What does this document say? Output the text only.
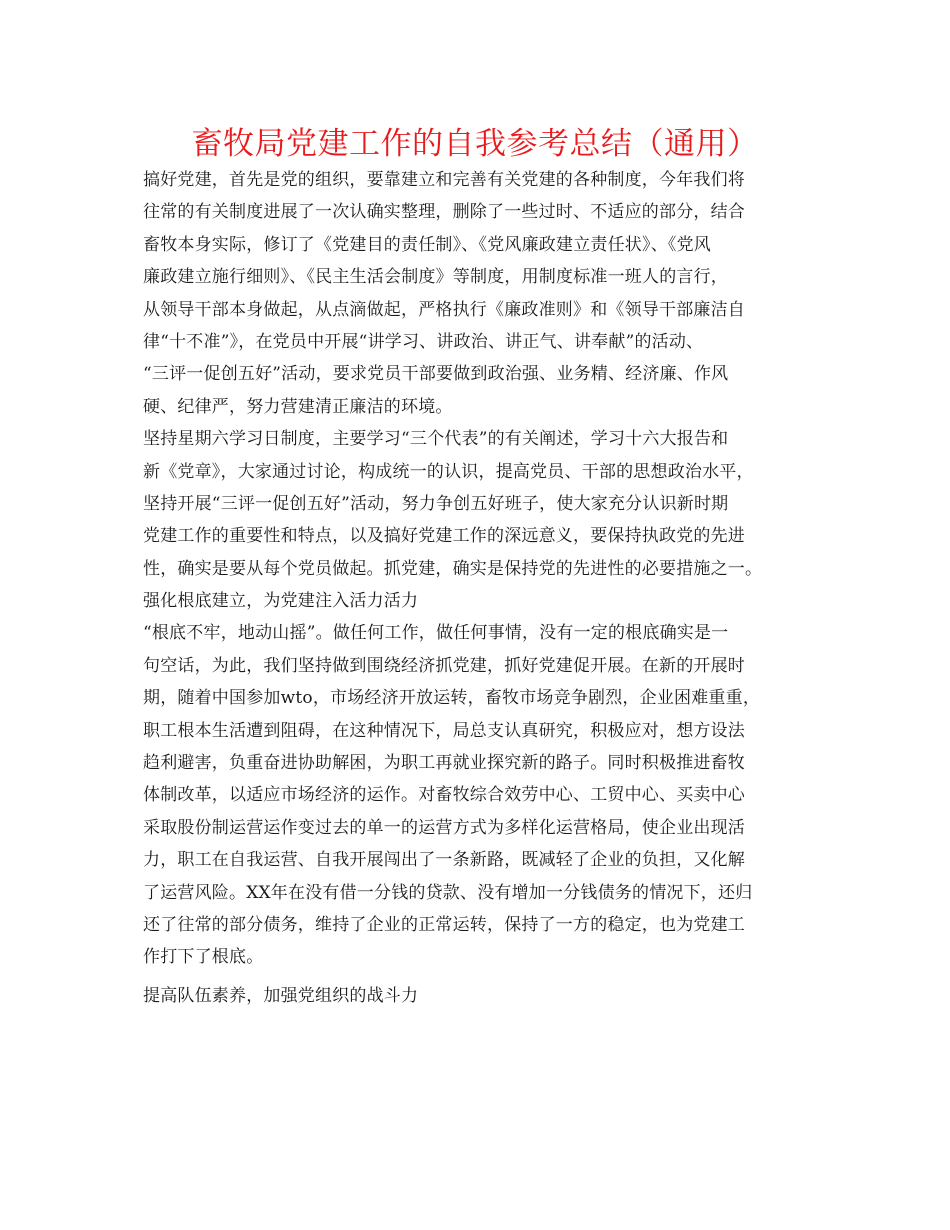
畜牧局党建工作的自我参考总结（通用）

搞好党建，首先是党的组织，要靠建立和完善有关党建的各种制度，今年我们将
往常的有关制度进展了一次认确实整理，删除了一些过时、不适应的部分，结合
畜牧本身实际，修订了《党建目的责任制》、《党风廉政建立责任状》、《党风
廉政建立施行细则》、《民主生活会制度》等制度，用制度标准一班人的言行，
从领导干部本身做起，从点滴做起，严格执行《廉政准则》和《领导干部廉洁自
律“十不准”》，在党员中开展“讲学习、讲政治、讲正气、讲奉献”的活动、
“三评一促创五好”活动，要求党员干部要做到政治强、业务精、经济廉、作风
硬、纪律严，努力营建清正廉洁的环境。

坚持星期六学习日制度，主要学习“三个代表”的有关阐述，学习十六大报告和
新《党章》，大家通过讨论，构成统一的认识，提高党员、干部的思想政治水平，
坚持开展“三评一促创五好”活动，努力争创五好班子，使大家充分认识新时期
党建工作的重要性和特点，以及搞好党建工作的深远意义，要保持执政党的先进
性，确实是要从每个党员做起。抓党建，确实是保持党的先进性的必要措施之一。

强化根底建立，为党建注入活力活力

“根底不牢，地动山摇”。做任何工作，做任何事情，没有一定的根底确实是一
句空话，为此，我们坚持做到围绕经济抓党建，抓好党建促开展。在新的开展时
期，随着中国参加wto，市场经济开放运转，畜牧市场竞争剧烈，企业困难重重，
职工根本生活遭到阻碍，在这种情况下，局总支认真研究，积极应对，想方设法
趋利避害，负重奋进协助解困，为职工再就业探究新的路子。同时积极推进畜牧
体制改革，以适应市场经济的运作。对畜牧综合效劳中心、工贸中心、买卖中心
采取股份制运营运作变过去的单一的运营方式为多样化运营格局，使企业出现活
力，职工在自我运营、自我开展闯出了一条新路，既减轻了企业的负担，又化解
了运营风险。XX年在没有借一分钱的贷款、没有增加一分钱债务的情况下，还归
还了往常的部分债务，维持了企业的正常运转，保持了一方的稳定，也为党建工
作打下了根底。

提高队伍素养，加强党组织的战斗力
